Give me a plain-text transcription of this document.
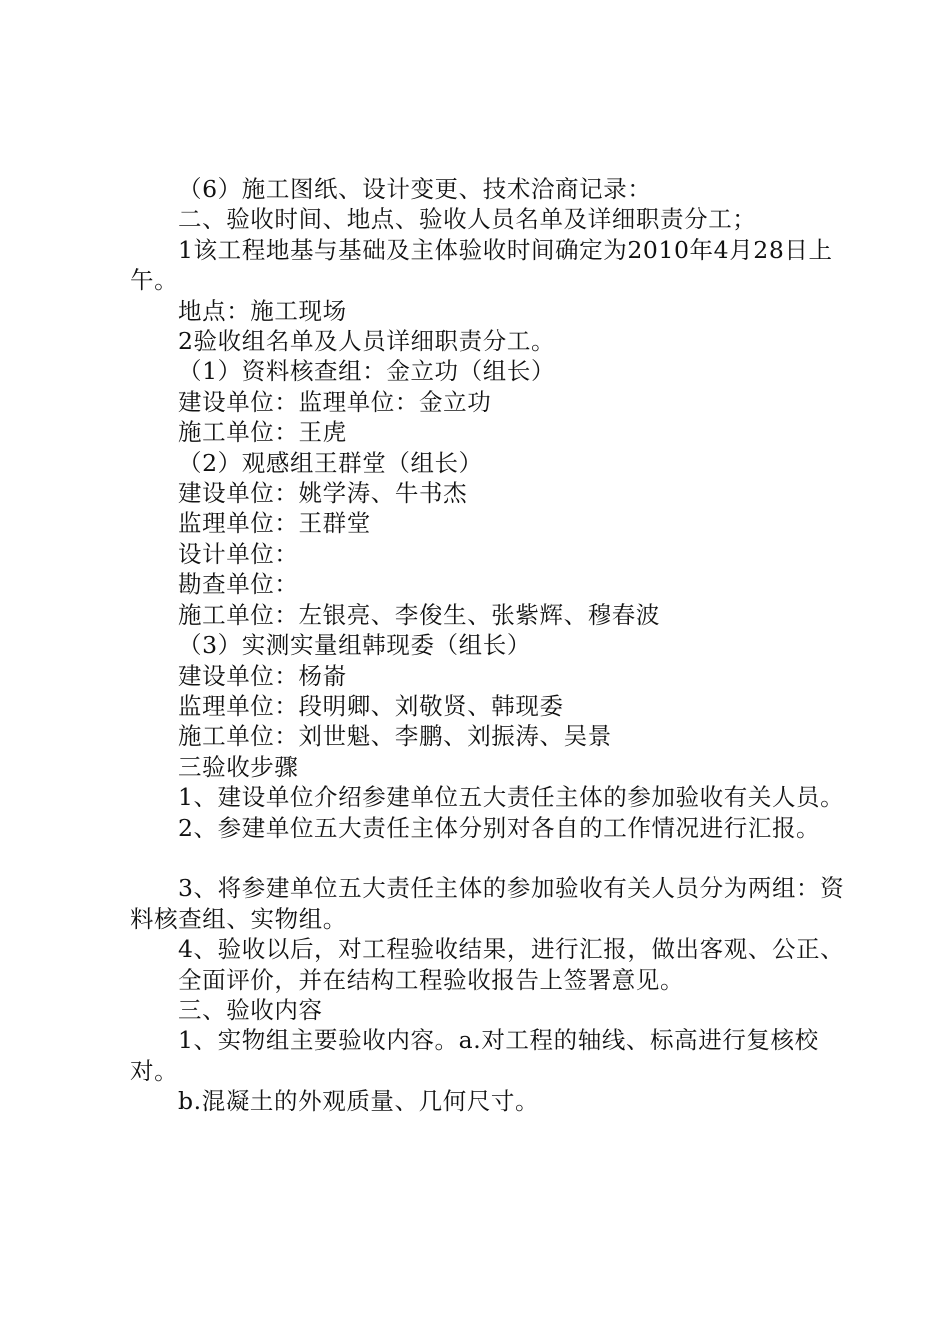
（6）施工图纸、设计变更、技术洽商记录：

二、验收时间、地点、验收人员名单及详细职责分工；

1该工程地基与基础及主体验收时间确定为2010年4月28日上午。

地点：施工现场

2验收组名单及人员详细职责分工。

（1）资料核查组：金立功（组长）

建设单位：监理单位：金立功

施工单位：王虎

（2）观感组王群堂（组长）

建设单位：姚学涛、牛书杰

监理单位：王群堂

设计单位：

勘查单位：

施工单位：左银亮、李俊生、张紫辉、穆春波

（3）实测实量组韩现委（组长）

建设单位：杨嵛

监理单位：段明卿、刘敬贤、韩现委

施工单位：刘世魁、李鹏、刘振涛、吴景

三验收步骤

1、建设单位介绍参建单位五大责任主体的参加验收有关人员。

2、参建单位五大责任主体分别对各自的工作情况进行汇报。

3、将参建单位五大责任主体的参加验收有关人员分为两组：资料核查组、实物组。

4、验收以后，对工程验收结果，进行汇报，做出客观、公正、

全面评价，并在结构工程验收报告上签署意见。

三、验收内容

1、实物组主要验收内容。a.对工程的轴线、标高进行复核校对。

b.混凝土的外观质量、几何尺寸。
